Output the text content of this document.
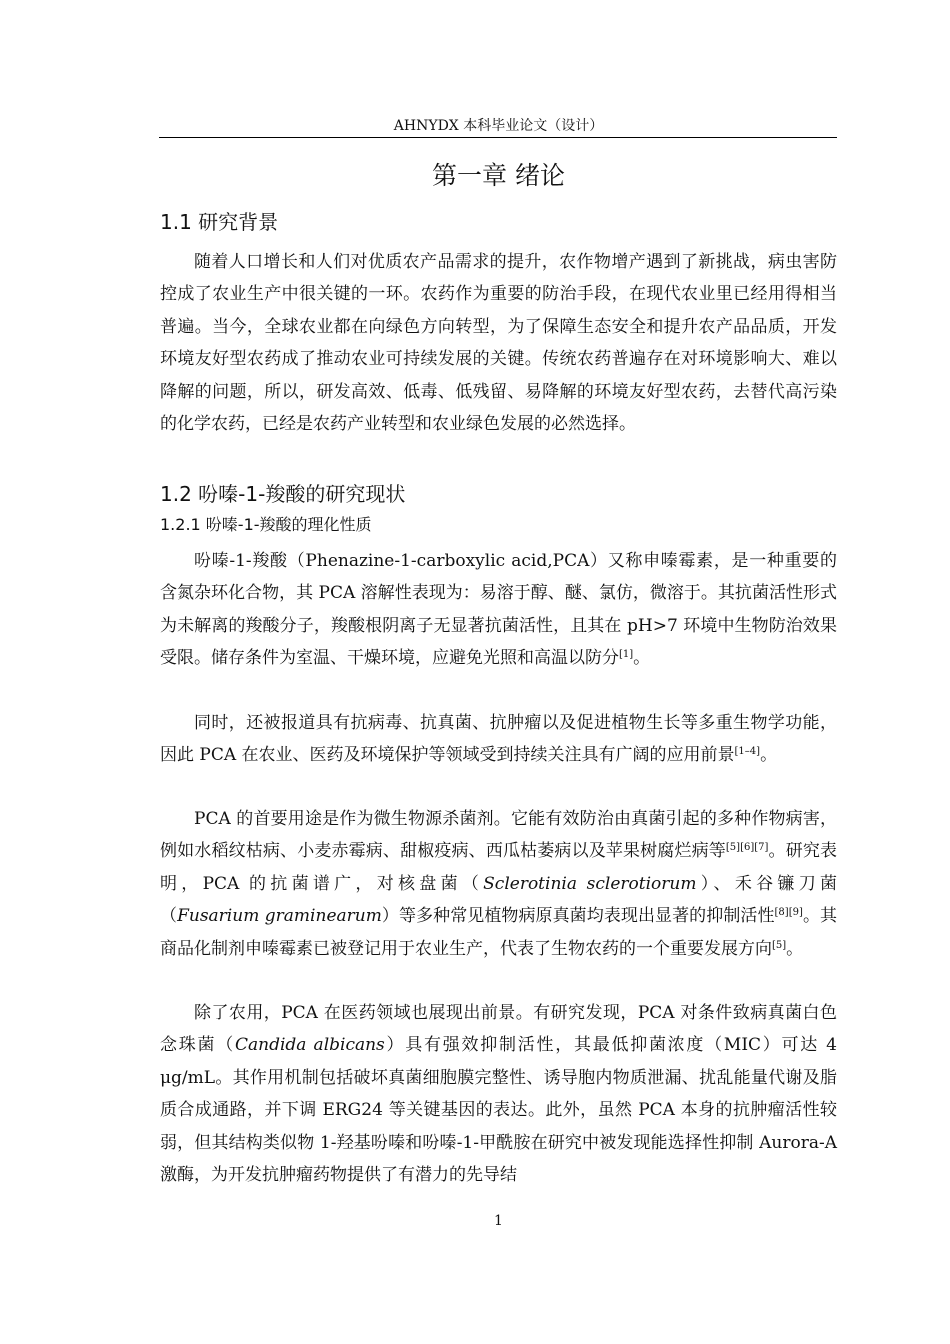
AHNYDX 本科毕业论文（设计）
第一章 绪论
1.1 研究背景

随着人口增长和人们对优质农产品需求的提升，农作物增产遇到了新挑战，病虫害防控成了农业生产中很关键的一环。农药作为重要的防治手段，在现代农业里已经用得相当普遍。当今，全球农业都在向绿色方向转型，为了保障生态安全和提升农产品品质，开发环境友好型农药成了推动农业可持续发展的关键。传统农药普遍存在对环境影响大、难以降解的问题，所以，研发高效、低毒、低残留、易降解的环境友好型农药，去替代高污染的化学农药，已经是农药产业转型和农业绿色发展的必然选择。

1.2 吩嗪-1-羧酸的研究现状
1.2.1 吩嗪-1-羧酸的理化性质

吩嗪-1-羧酸（Phenazine-1-carboxylic acid,PCA）又称申嗪霉素，是一种重要的含氮杂环化合物，其 PCA 溶解性表现为：易溶于醇、醚、氯仿，微溶于。其抗菌活性形式为未解离的羧酸分子，羧酸根阴离子无显著抗菌活性，且其在 pH>7 环境中生物防治效果受限。储存条件为室温、干燥环境，应避免光照和高温以防分[1]。

同时，还被报道具有抗病毒、抗真菌、抗肿瘤以及促进植物生长等多重生物学功能，因此 PCA 在农业、医药及环境保护等领域受到持续关注具有广阔的应用前景[1–4]。

PCA 的首要用途是作为微生物源杀菌剂。它能有效防治由真菌引起的多种作物病害，例如水稻纹枯病、小麦赤霉病、甜椒疫病、西瓜枯萎病以及苹果树腐烂病等[5][6][7]。研究表明，PCA 的抗菌谱广，对核盘菌（Sclerotinia sclerotiorum）、禾谷镰刀菌（Fusarium graminearum）等多种常见植物病原真菌均表现出显著的抑制活性[8][9]。其商品化制剂申嗪霉素已被登记用于农业生产，代表了生物农药的一个重要发展方向[5]。

除了农用，PCA 在医药领域也展现出前景。有研究发现，PCA 对条件致病真菌白色念珠菌（Candida albicans）具有强效抑制活性，其最低抑菌浓度（MIC）可达 4 μg/mL。其作用机制包括破坏真菌细胞膜完整性、诱导胞内物质泄漏、扰乱能量代谢及脂质合成通路，并下调 ERG24 等关键基因的表达。此外，虽然 PCA 本身的抗肿瘤活性较弱，但其结构类似物 1-羟基吩嗪和吩嗪-1-甲酰胺在研究中被发现能选择性抑制 Aurora-A 激酶，为开发抗肿瘤药物提供了有潜力的先导结

1
